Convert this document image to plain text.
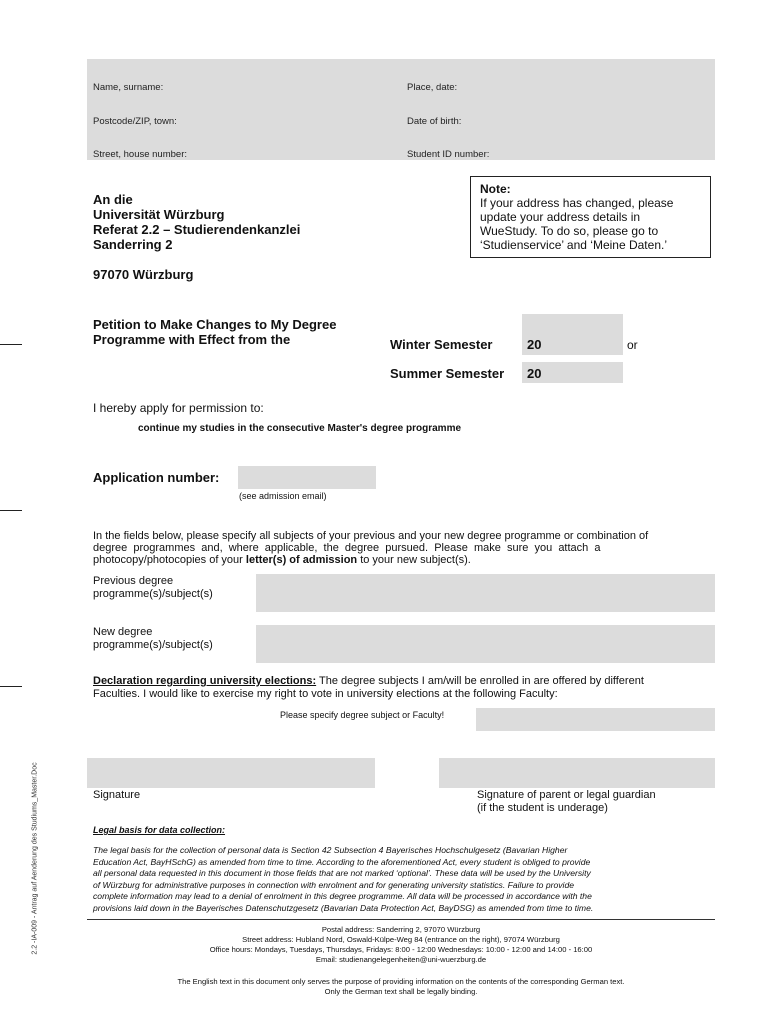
2.2 -IA-009 - Antrag auf Aenderung des Studiums_Master.Doc
Name, surname:	Place, date:
Postcode/ZIP, town:	Date of birth:
Street, house number:	Student ID number:
An die
Universität Würzburg
Referat 2.2 – Studierendenkanzlei
Sanderring 2
97070 Würzburg
Note:
If your address has changed, please
update your address details in
WueStudy. To do so, please go to
‘Studienservice’ and ‘Meine Daten.’
Petition to Make Changes to My Degree
Programme with Effect from the	Winter Semester	20	or
Summer Semester 20
I hereby apply for permission to:
continue my studies in the consecutive Master's degree programme
Application number:
(see admission email)
In the fields below, please specify all subjects of your previous and your new degree programme or combination of
degree  programmes  and,  where  applicable,  the  degree  pursued.  Please  make  sure  you  attach  a
photocopy/photocopies of your letter(s) of admission to your new subject(s).
Previous degree
programme(s)/subject(s)
New degree
programme(s)/subject(s)
Declaration regarding university elections: The degree subjects I am/will be enrolled in are offered by different
Faculties. I would like to exercise my right to vote in university elections at the following Faculty:
Please specify degree subject or Faculty!
Signature	Signature of parent or legal guardian
(if the student is underage)
Legal basis for data collection:
The legal basis for the collection of personal data is Section 42 Subsection 4 Bayerisches Hochschulgesetz (Bavarian Higher
Education Act, BayHSchG) as amended from time to time. According to the aforementioned Act, every student is obliged to provide
all personal data requested in this document in those fields that are not marked ‘optional’. These data will be used by the University
of Würzburg for administrative purposes in connection with enrolment and for generating university statistics. Failure to provide
complete information may lead to a denial of enrolment in this degree programme. All data will be processed in accordance with the
provisions laid down in the Bayerisches Datenschutzgesetz (Bavarian Data Protection Act, BayDSG) as amended from time to time.
Postal address: Sanderring 2, 97070 Würzburg
Street address: Hubland Nord, Oswald-Külpe-Weg 84 (entrance on the right), 97074 Würzburg
Office hours: Mondays, Tuesdays, Thursdays, Fridays: 8:00 - 12:00 Wednesdays: 10:00 - 12:00 and 14:00 - 16:00
Email: studienangelegenheiten@uni-wuerzburg.de
The English text in this document only serves the purpose of providing information on the contents of the corresponding German text.
Only the German text shall be legally binding.
